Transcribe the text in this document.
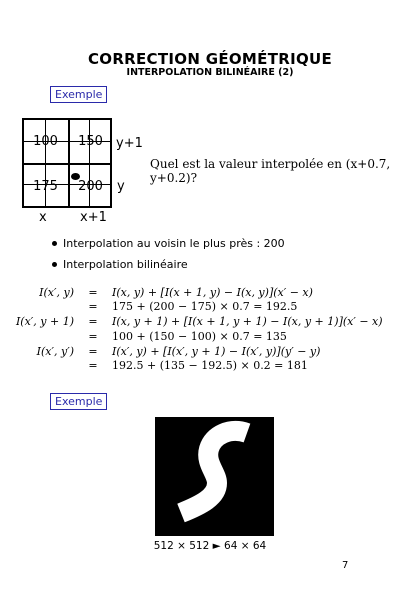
CORRECTION GÉOMÉTRIQUE
INTERPOLATION BILINÉAIRE (2)
Exemple
100	150
175	200
y+1
y
x	x+1
Quel est la valeur interpolée en (x+0.7, y+0.2)?
Interpolation au voisin le plus près : 200
Interpolation bilinéaire
I(x′, y) = I(x, y) + [I(x + 1, y) − I(x, y)](x′ − x)
= 175 + (200 − 175) × 0.7 = 192.5
I(x′, y + 1) = I(x, y + 1) + [I(x + 1, y + 1) − I(x, y + 1)](x′ − x)
= 100 + (150 − 100) × 0.7 = 135
I(x′, y′) = I(x′, y) + [I(x′, y + 1) − I(x′, y)](y′ − y)
= 192.5 + (135 − 192.5) × 0.2 = 181
Exemple
512 × 512 ► 64 × 64
7
